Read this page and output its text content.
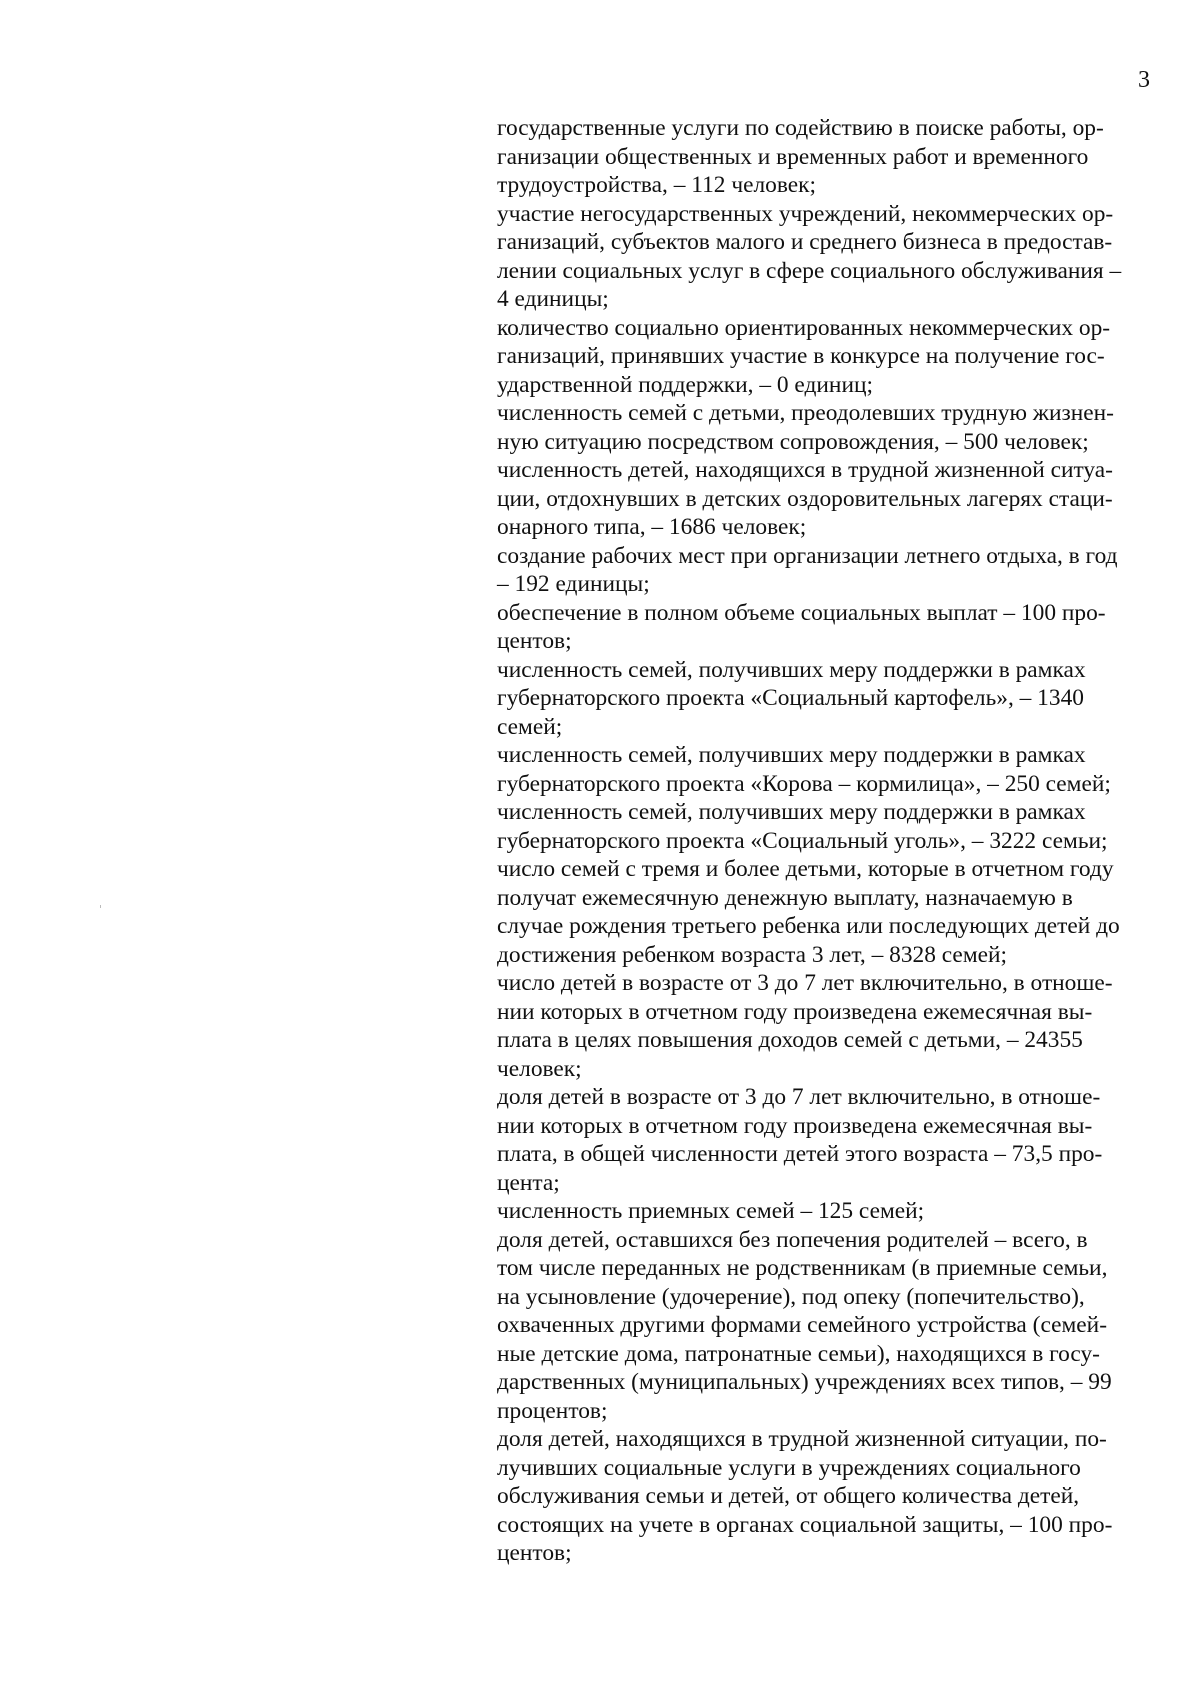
3

государственные услуги по содействию в поиске работы, ор-
ганизации общественных и временных работ и временного
трудоустройства, – 112 человек;

участие негосударственных учреждений, некоммерческих ор-
ганизаций, субъектов малого и среднего бизнеса в предостав-
лении социальных услуг в сфере социального обслуживания –
4 единицы;

количество социально ориентированных некоммерческих ор-
ганизаций, принявших участие в конкурсе на получение гос-
ударственной поддержки, – 0 единиц;

численность семей с детьми, преодолевших трудную жизнен-
ную ситуацию посредством сопровождения, – 500 человек;

численность детей, находящихся в трудной жизненной ситуа-
ции, отдохнувших в детских оздоровительных лагерях стаци-
онарного типа, – 1686 человек;

создание рабочих мест при организации летнего отдыха, в год
– 192 единицы;

обеспечение в полном объеме социальных выплат – 100 про-
центов;

численность семей, получивших меру поддержки в рамках
губернаторского проекта «Социальный картофель», – 1340
семей;

численность семей, получивших меру поддержки в рамках
губернаторского проекта «Корова – кормилица», – 250 семей;

численность семей, получивших меру поддержки в рамках
губернаторского проекта «Социальный уголь», – 3222 семьи;

число семей с тремя и более детьми, которые в отчетном году
получат ежемесячную денежную выплату, назначаемую в
случае рождения третьего ребенка или последующих детей до
достижения ребенком возраста 3 лет, – 8328 семей;

число детей в возрасте от 3 до 7 лет включительно, в отноше-
нии которых в отчетном году произведена ежемесячная вы-
плата в целях повышения доходов семей с детьми, – 24355
человек;

доля детей в возрасте от 3 до 7 лет включительно, в отноше-
нии которых в отчетном году произведена ежемесячная вы-
плата, в общей численности детей этого возраста – 73,5 про-
цента;

численность приемных семей – 125 семей;

доля детей, оставшихся без попечения родителей – всего, в
том числе переданных не родственникам (в приемные семьи,
на усыновление (удочерение), под опеку (попечительство),
охваченных другими формами семейного устройства (семей-
ные детские дома, патронатные семьи), находящихся в госу-
дарственных (муниципальных) учреждениях всех типов, – 99
процентов;

доля детей, находящихся в трудной жизненной ситуации, по-
лучивших социальные услуги в учреждениях социального
обслуживания семьи и детей, от общего количества детей,
состоящих на учете в органах социальной защиты, – 100 про-
центов;
